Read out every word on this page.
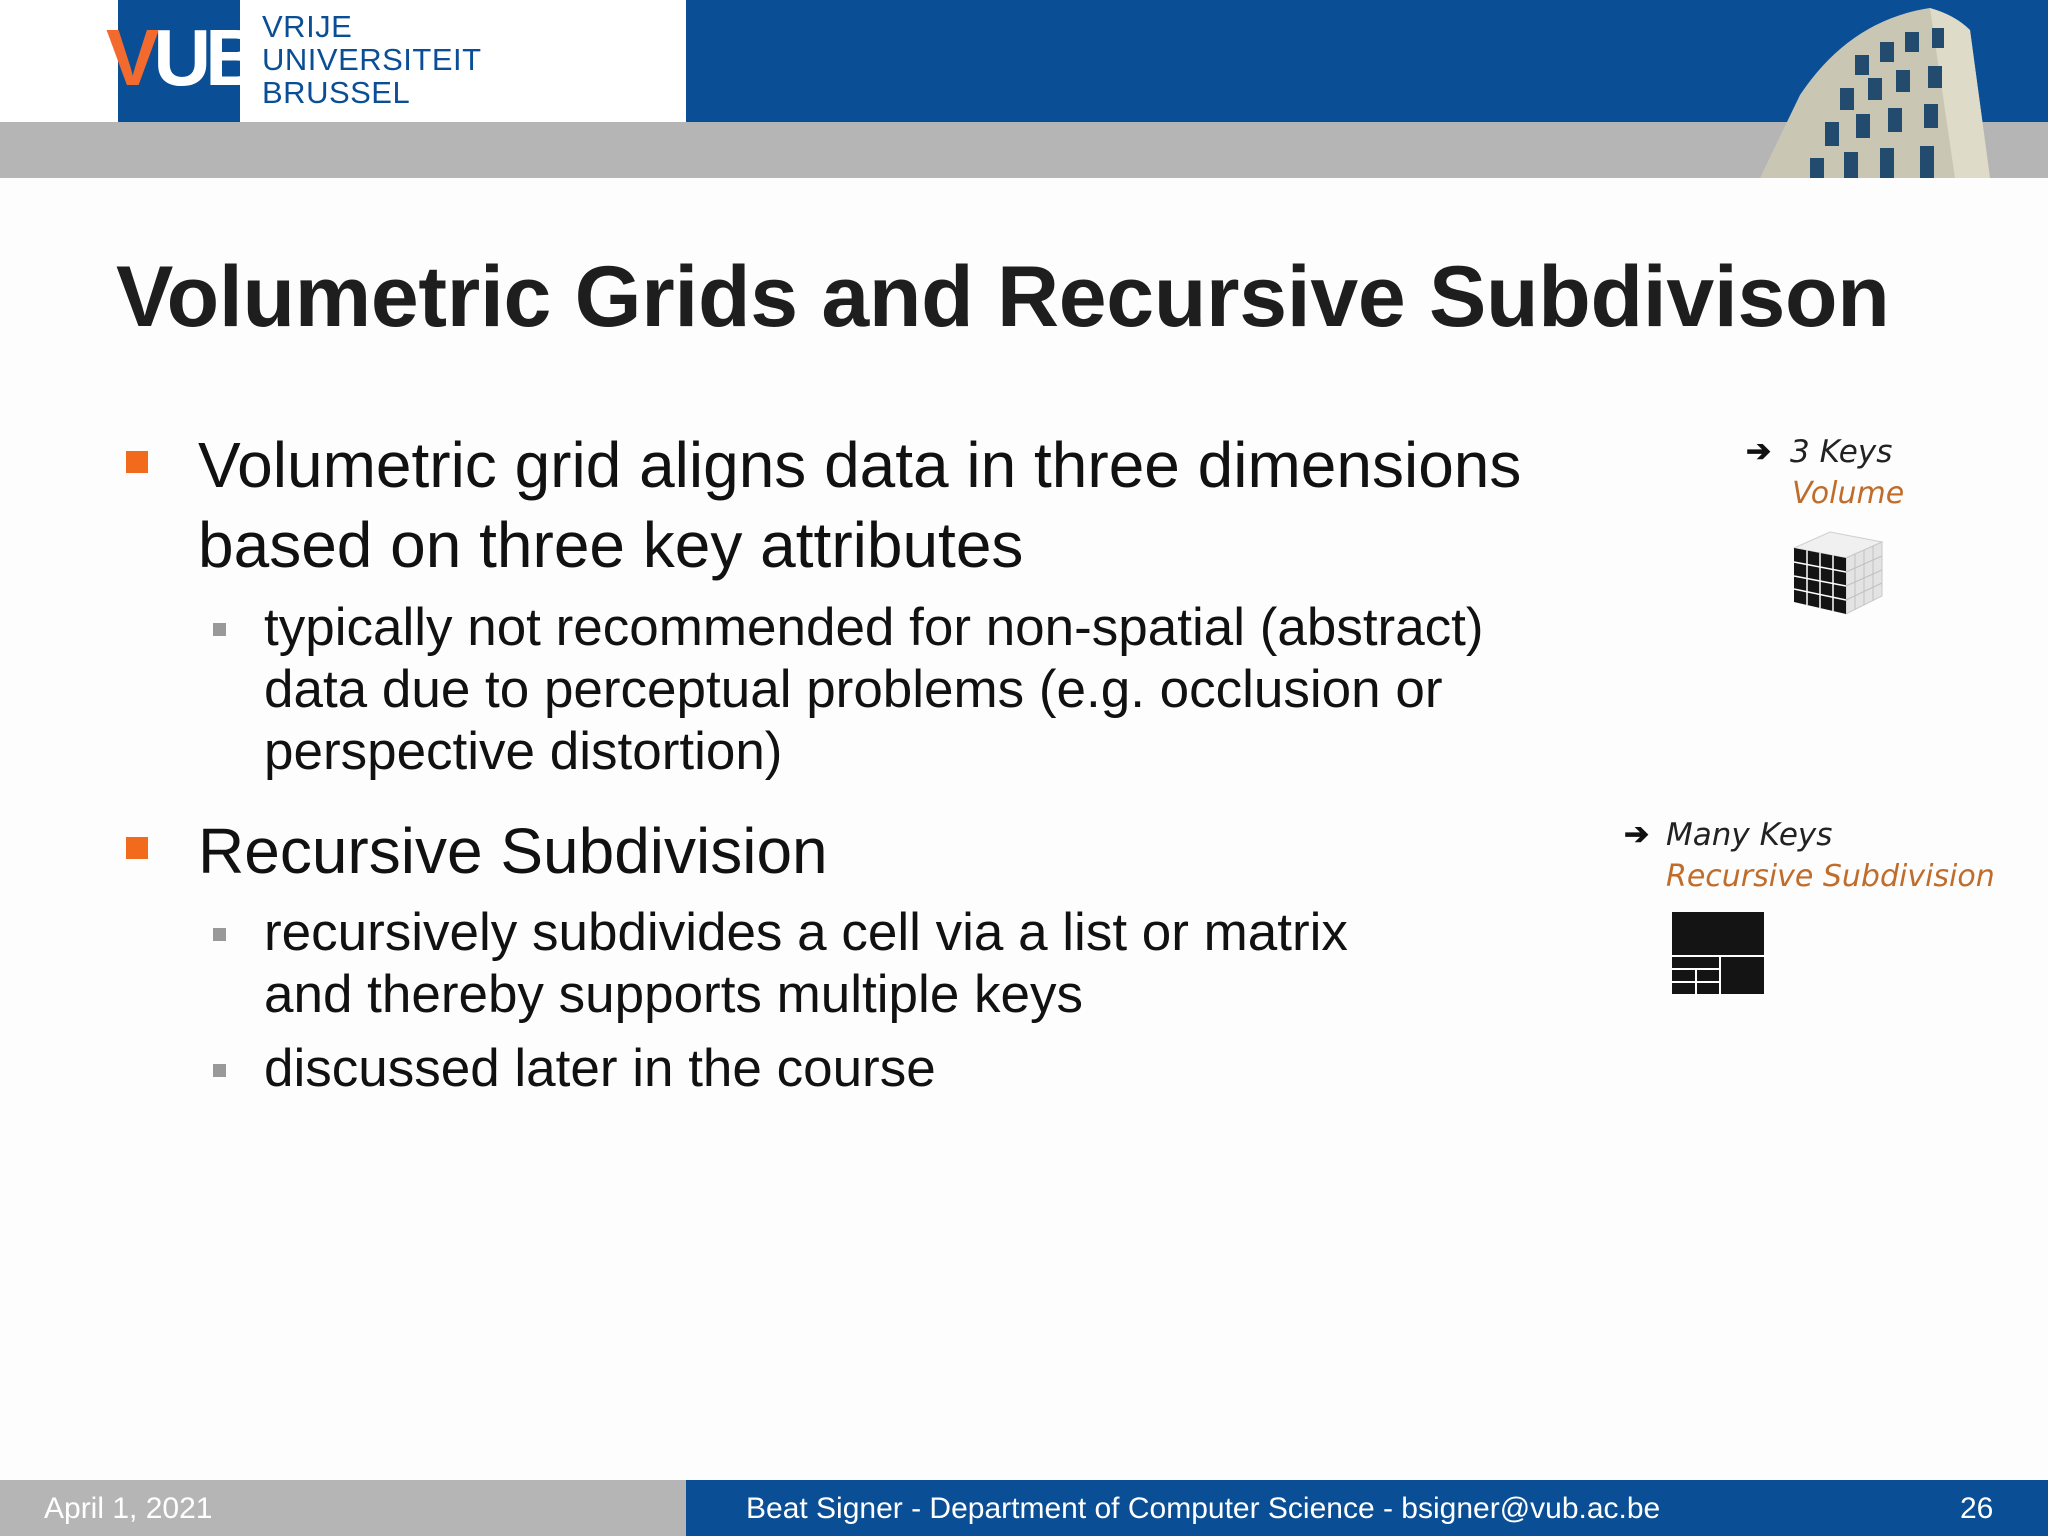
VUB VRIJE
UNIVERSITEIT
BRUSSEL
Volumetric Grids and Recursive Subdivison
Volumetric grid aligns data in three dimensions
based on three key attributes
typically not recommended for non-spatial (abstract)
data due to perceptual problems (e.g. occlusion or
perspective distortion)
Recursive Subdivision
recursively subdivides a cell via a list or matrix
and thereby supports multiple keys
discussed later in the course
➔ 3 Keys
Volume
➔ Many Keys
Recursive Subdivision
April 1, 2021	Beat Signer - Department of Computer Science - bsigner@vub.ac.be	26
